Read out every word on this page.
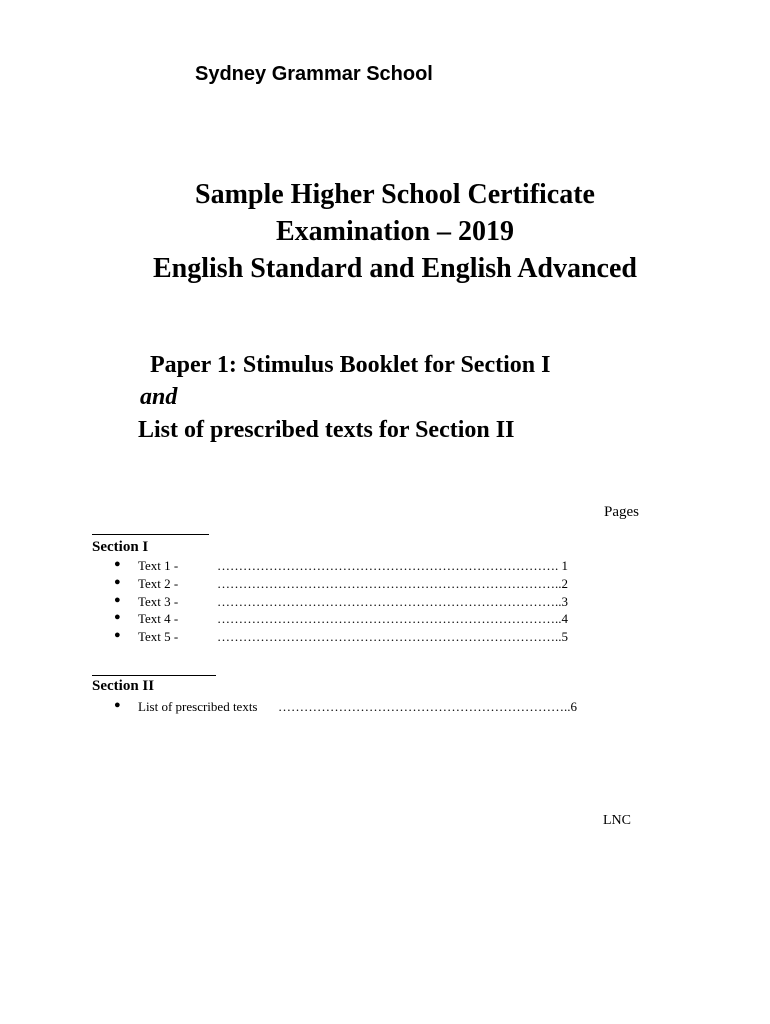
Sydney Grammar School
Sample Higher School Certificate
Examination – 2019
English Standard and English Advanced
Paper 1: Stimulus Booklet for Section I
and
List of prescribed texts for Section II
Pages
Section I
● Text 1 -	……………………………………………………………………. 1
● Text 2 -	……………………………………………………………………..2
● Text 3 -	……………………………………………………………………..3
● Text 4 -	……………………………………………………………………..4
● Text 5 -	……………………………………………………………………..5
Section II
● List of prescribed texts …………………………………………………………..6
LNC
